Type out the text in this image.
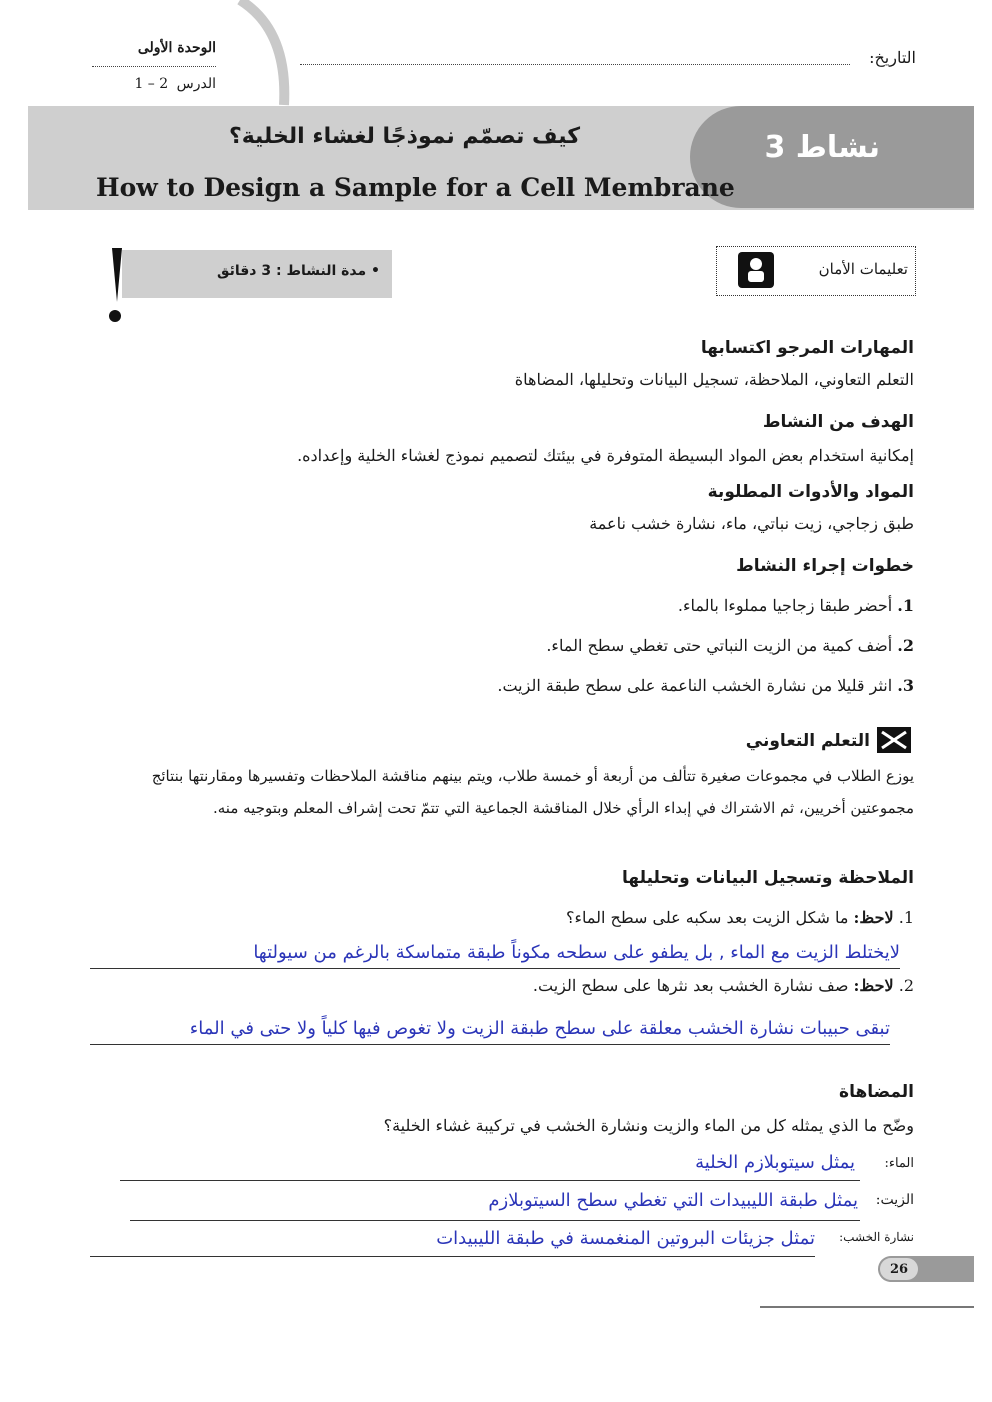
الوحدة الأولى
الدرس 2 – 1
التاريخ:
نشاط 3
كيف تصمّم نموذجًا لغشاء الخلية؟
How to Design a Sample for a Cell Membrane
• مدة النشاط : 3 دقائق	تعليمات الأمان
المهارات المرجو اكتسابها
التعلم التعاوني، الملاحظة، تسجيل البيانات وتحليلها، المضاهاة
الهدف من النشاط
إمكانية استخدام بعض المواد البسيطة المتوفرة في بيئتك لتصميم نموذج لغشاء الخلية وإعداده.
المواد والأدوات المطلوبة
طبق زجاجي، زيت نباتي، ماء، نشارة خشب ناعمة
خطوات إجراء النشاط
1. أحضر طبقا زجاجيا مملوءا بالماء.
2. أضف كمية من الزيت النباتي حتى تغطي سطح الماء.
3. انثر قليلا من نشارة الخشب الناعمة على سطح طبقة الزيت.
التعلم التعاوني
يوزع الطلاب في مجموعات صغيرة تتألف من أربعة أو خمسة طلاب، ويتم بينهم مناقشة الملاحظات وتفسيرها ومقارنتها بنتائج مجموعتين أخريين، ثم الاشتراك في إبداء الرأي خلال المناقشة الجماعية التي تتمّ تحت إشراف المعلم وبتوجيه منه.
الملاحظة وتسجيل البيانات وتحليلها
1. لاحظ: ما شكل الزيت بعد سكبه على سطح الماء؟
لايختلط الزيت مع الماء , بل يطفو على سطحه مكوناً طبقة متماسكة بالرغم من سيولتها
2. لاحظ: صف نشارة الخشب بعد نثرها على سطح الزيت.
تبقى حبيبات نشارة الخشب معلقة على سطح طبقة الزيت ولا تغوص فيها كلياً ولا حتى في الماء
المضاهاة
وضّح ما الذي يمثله كل من الماء والزيت ونشارة الخشب في تركيبة غشاء الخلية؟
الماء:
يمثل سيتوبلازم الخلية
الزيت:
يمثل طبقة الليبيدات التي تغطي سطح السيتوبلازم
نشارة الخشب:
تمثل جزيئات البروتين المنغمسة في طبقة الليبيدات
26
